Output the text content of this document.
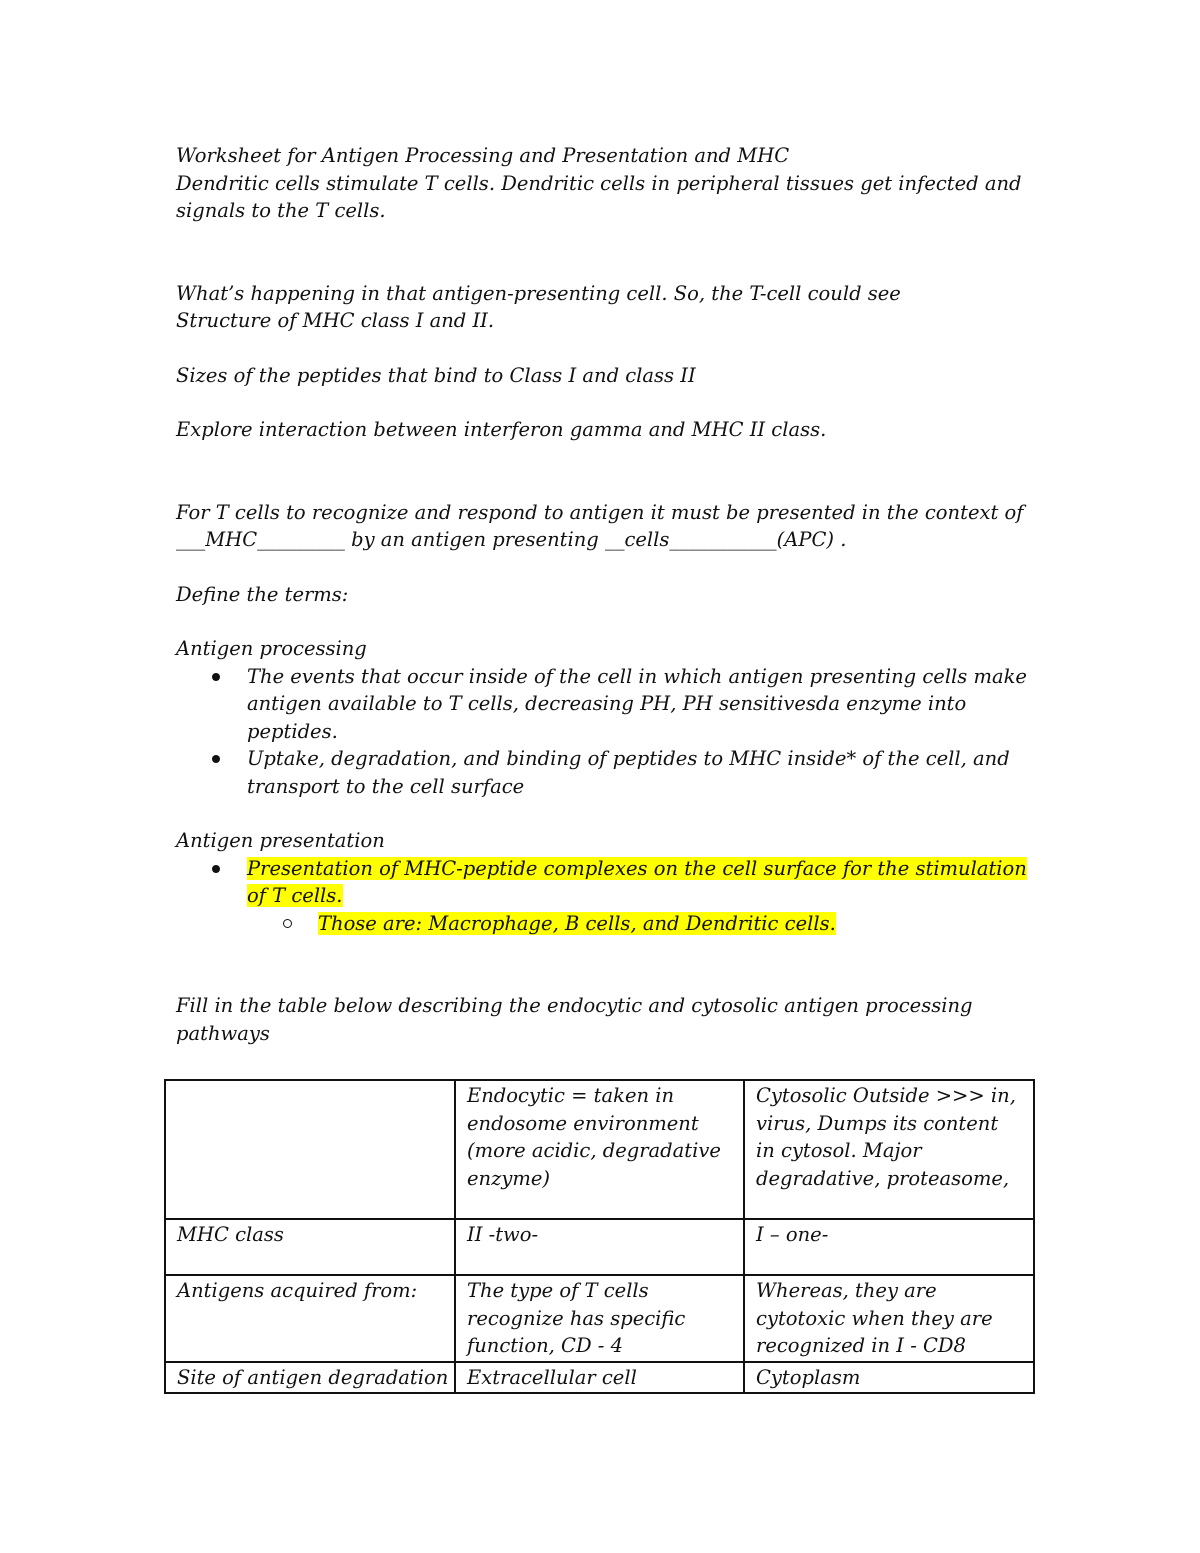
Worksheet for Antigen Processing and Presentation and MHC

Dendritic cells stimulate T cells. Dendritic cells in peripheral tissues get infected and

signals to the T cells.

What’s happening in that antigen-presenting cell. So, the T-cell could see

Structure of MHC class I and II.

Sizes of the peptides that bind to Class I and class II

Explore interaction between interferon gamma and MHC II class.

For T cells to recognize and respond to antigen it must be presented in the context of

___MHC_________ by an antigen presenting __cells___________(APC) .

Define the terms:

Antigen processing

The events that occur inside of the cell in which antigen presenting cells make antigen available to T cells, decreasing PH, PH sensitivesda enzyme into peptides.
Uptake, degradation, and binding of peptides to MHC inside* of the cell, and transport to the cell surface

Antigen presentation

Presentation of MHC-peptide complexes on the cell surface for the stimulation of T cells.

Those are: Macrophage, B cells, and Dendritic cells.

Fill in the table below describing the endocytic and cytosolic antigen processing

pathways

	Endocytic = taken in endosome environment (more acidic, degradative enzyme)	Cytosolic Outside >>> in, virus, Dumps its content in cytosol. Major degradative, proteasome,
MHC class	II -two-	I – one-
Antigens acquired from:	The type of T cells recognize has specific function, CD - 4	Whereas, they are cytotoxic when they are recognized in I - CD8
Site of antigen degradation	Extracellular cell	Cytoplasm
